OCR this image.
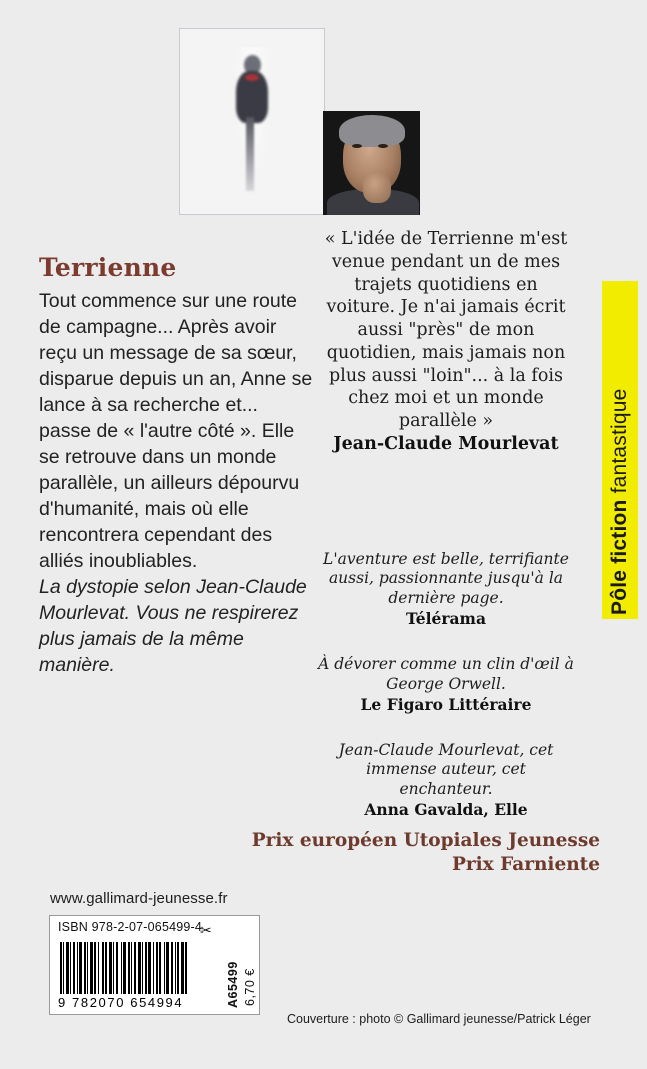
Pôle fiction
fantastique
Terrienne

Tout commence sur une route de campagne... Après avoir reçu un message de sa sœur, disparue depuis un an, Anne se lance à sa recherche et... passe de « l'autre côté ». Elle se retrouve dans un monde parallèle, un ailleurs dépourvu d'humanité, mais où elle rencontrera cependant des alliés inoubliables.

La dystopie selon Jean-Claude Mourlevat. Vous ne respirerez plus jamais de la même manière.

« L'idée de Terrienne m'est venue pendant un de mes trajets quotidiens en voiture. Je n'ai jamais écrit aussi "près" de mon quotidien, mais jamais non plus aussi "loin"... à la fois chez moi et un monde parallèle »

Jean-Claude Mourlevat

L'aventure est belle, terrifiante aussi, passionnante jusqu'à la dernière page.

Télérama

À dévorer comme un clin d'œil à George Orwell.

Le Figaro Littéraire

Jean-Claude Mourlevat, cet immense auteur, cet enchanteur.

Anna Gavalda, Elle

Prix européen Utopiales Jeunesse
Prix Farniente
www.gallimard-jeunesse.fr
ISBN 978-2-07-065499-4
✂
9 782070 654994	A65499 6,70 €
Couverture : photo © Gallimard jeunesse/Patrick Léger
